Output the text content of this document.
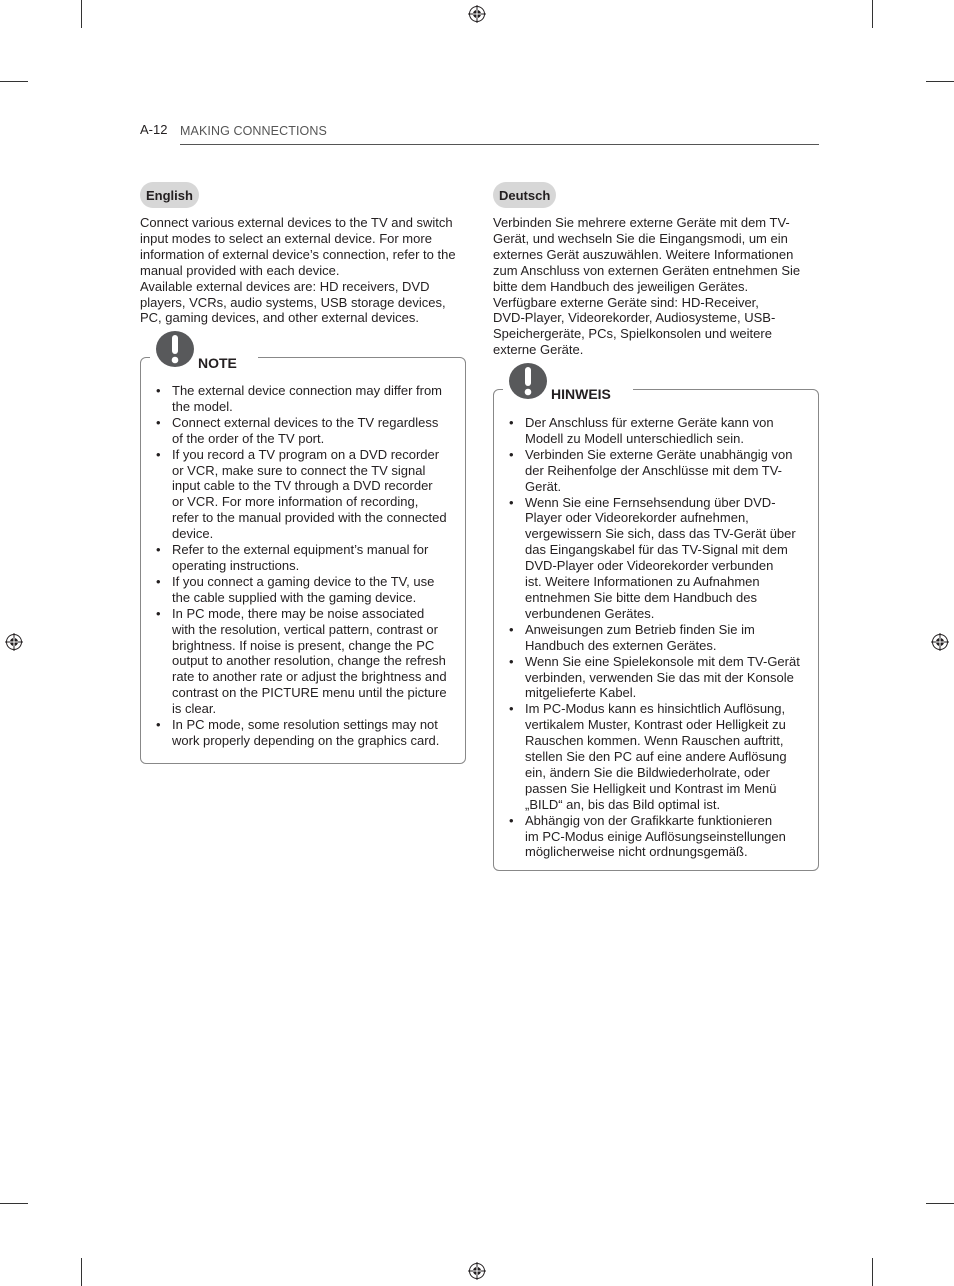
A-12 MAKING CONNECTIONS
English

Connect various external devices to the TV and switch
input modes to select an external device. For more
information of external device’s connection, refer to the
manual provided with each device.
Available external devices are: HD receivers, DVD
players, VCRs, audio systems, USB storage devices,
PC, gaming devices, and other external devices.

NOTE
• The external device connection may differ from
the model.
• Connect external devices to the TV regardless
of the order of the TV port.
• If you record a TV program on a DVD recorder
or VCR, make sure to connect the TV signal
input cable to the TV through a DVD recorder
or VCR. For more information of recording,
refer to the manual provided with the connected
device.
• Refer to the external equipment’s manual for
operating instructions.
• If you connect a gaming device to the TV, use
the cable supplied with the gaming device.
• In PC mode, there may be noise associated
with the resolution, vertical pattern, contrast or
brightness. If noise is present, change the PC
output to another resolution, change the refresh
rate to another rate or adjust the brightness and
contrast on the PICTURE menu until the picture
is clear.
• In PC mode, some resolution settings may not
work properly depending on the graphics card.
Deutsch

Verbinden Sie mehrere externe Geräte mit dem TV-
Gerät, und wechseln Sie die Eingangsmodi, um ein
externes Gerät auszuwählen. Weitere Informationen
zum Anschluss von externen Geräten entnehmen Sie
bitte dem Handbuch des jeweiligen Gerätes.
Verfügbare externe Geräte sind: HD-Receiver,
DVD-Player, Videorekorder, Audiosysteme, USB-
Speichergeräte, PCs, Spielkonsolen und weitere
externe Geräte.

HINWEIS
• Der Anschluss für externe Geräte kann von
Modell zu Modell unterschiedlich sein.
• Verbinden Sie externe Geräte unabhängig von
der Reihenfolge der Anschlüsse mit dem TV-
Gerät.
• Wenn Sie eine Fernsehsendung über DVD-
Player oder Videorekorder aufnehmen,
vergewissern Sie sich, dass das TV-Gerät über
das Eingangskabel für das TV-Signal mit dem
DVD-Player oder Videorekorder verbunden
ist. Weitere Informationen zu Aufnahmen
entnehmen Sie bitte dem Handbuch des
verbundenen Gerätes.
• Anweisungen zum Betrieb finden Sie im
Handbuch des externen Gerätes.
• Wenn Sie eine Spielekonsole mit dem TV-Gerät
verbinden, verwenden Sie das mit der Konsole
mitgelieferte Kabel.
• Im PC-Modus kann es hinsichtlich Auflösung,
vertikalem Muster, Kontrast oder Helligkeit zu
Rauschen kommen. Wenn Rauschen auftritt,
stellen Sie den PC auf eine andere Auflösung
ein, ändern Sie die Bildwiederholrate, oder
passen Sie Helligkeit und Kontrast im Menü
„BILD“ an, bis das Bild optimal ist.
• Abhängig von der Grafikkarte funktionieren
im PC-Modus einige Auflösungseinstellungen
möglicherweise nicht ordnungsgemäß.
